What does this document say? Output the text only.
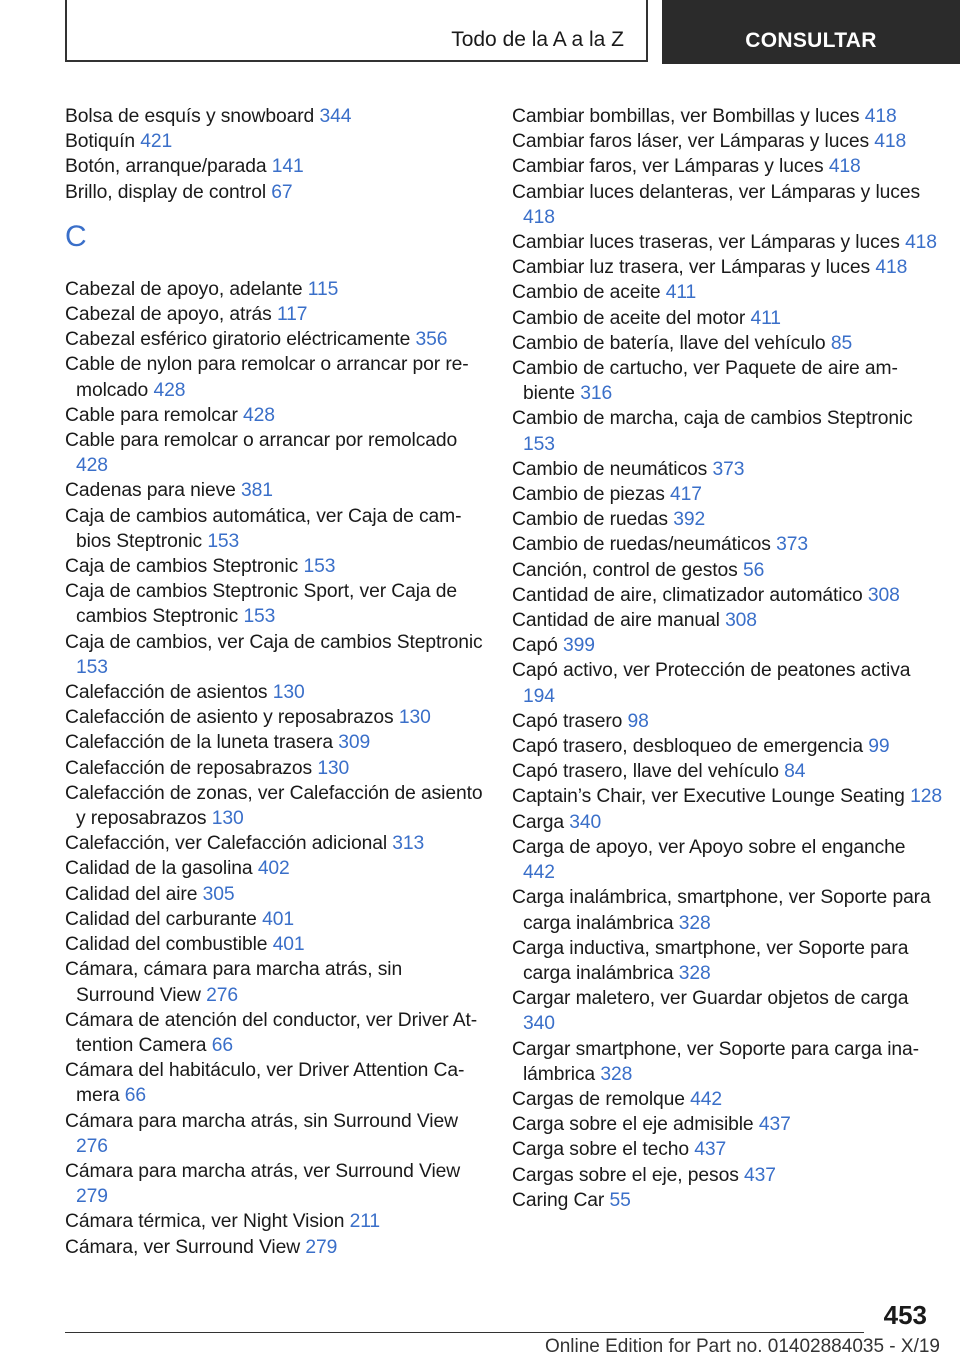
Todo de la A a la Z	CONSULTAR
Bolsa de esquís y snowboard 344
Botiquín 421
Botón, arranque/parada 141
Brillo, display de control 67
C
Cabezal de apoyo, adelante 115
Cabezal de apoyo, atrás 117
Cabezal esférico giratorio eléctricamente 356
Cable de nylon para remolcar o arrancar por remolcado 428
Cable para remolcar 428
Cable para remolcar o arrancar por remolcado 428
Cadenas para nieve 381
Caja de cambios automática, ver Caja de cambios Steptronic 153
Caja de cambios Steptronic 153
Caja de cambios Steptronic Sport, ver Caja de cambios Steptronic 153
Caja de cambios, ver Caja de cambios Steptronic 153
Calefacción de asientos 130
Calefacción de asiento y reposabrazos 130
Calefacción de la luneta trasera 309
Calefacción de reposabrazos 130
Calefacción de zonas, ver Calefacción de asiento y reposabrazos 130
Calefacción, ver Calefacción adicional 313
Calidad de la gasolina 402
Calidad del aire 305
Calidad del carburante 401
Calidad del combustible 401
Cámara, cámara para marcha atrás, sin Surround View 276
Cámara de atención del conductor, ver Driver Attention Camera 66
Cámara del habitáculo, ver Driver Attention Camera 66
Cámara para marcha atrás, sin Surround View 276
Cámara para marcha atrás, ver Surround View 279
Cámara térmica, ver Night Vision 211
Cámara, ver Surround View 279
Cambiar bombillas, ver Bombillas y luces 418
Cambiar faros láser, ver Lámparas y luces 418
Cambiar faros, ver Lámparas y luces 418
Cambiar luces delanteras, ver Lámparas y luces 418
Cambiar luces traseras, ver Lámparas y luces 418
Cambiar luz trasera, ver Lámparas y luces 418
Cambio de aceite 411
Cambio de aceite del motor 411
Cambio de batería, llave del vehículo 85
Cambio de cartucho, ver Paquete de aire ambiente 316
Cambio de marcha, caja de cambios Steptronic 153
Cambio de neumáticos 373
Cambio de piezas 417
Cambio de ruedas 392
Cambio de ruedas/neumáticos 373
Canción, control de gestos 56
Cantidad de aire, climatizador automático 308
Cantidad de aire manual 308
Capó 399
Capó activo, ver Protección de peatones activa 194
Capó trasero 98
Capó trasero, desbloqueo de emergencia 99
Capó trasero, llave del vehículo 84
Captain’s Chair, ver Executive Lounge Seating 128
Carga 340
Carga de apoyo, ver Apoyo sobre el enganche 442
Carga inalámbrica, smartphone, ver Soporte para carga inalámbrica 328
Carga inductiva, smartphone, ver Soporte para carga inalámbrica 328
Cargar maletero, ver Guardar objetos de carga 340
Cargar smartphone, ver Soporte para carga inalámbrica 328
Cargas de remolque 442
Carga sobre el eje admisible 437
Carga sobre el techo 437
Cargas sobre el eje, pesos 437
Caring Car 55
453
Online Edition for Part no. 01402884035 - X/19
